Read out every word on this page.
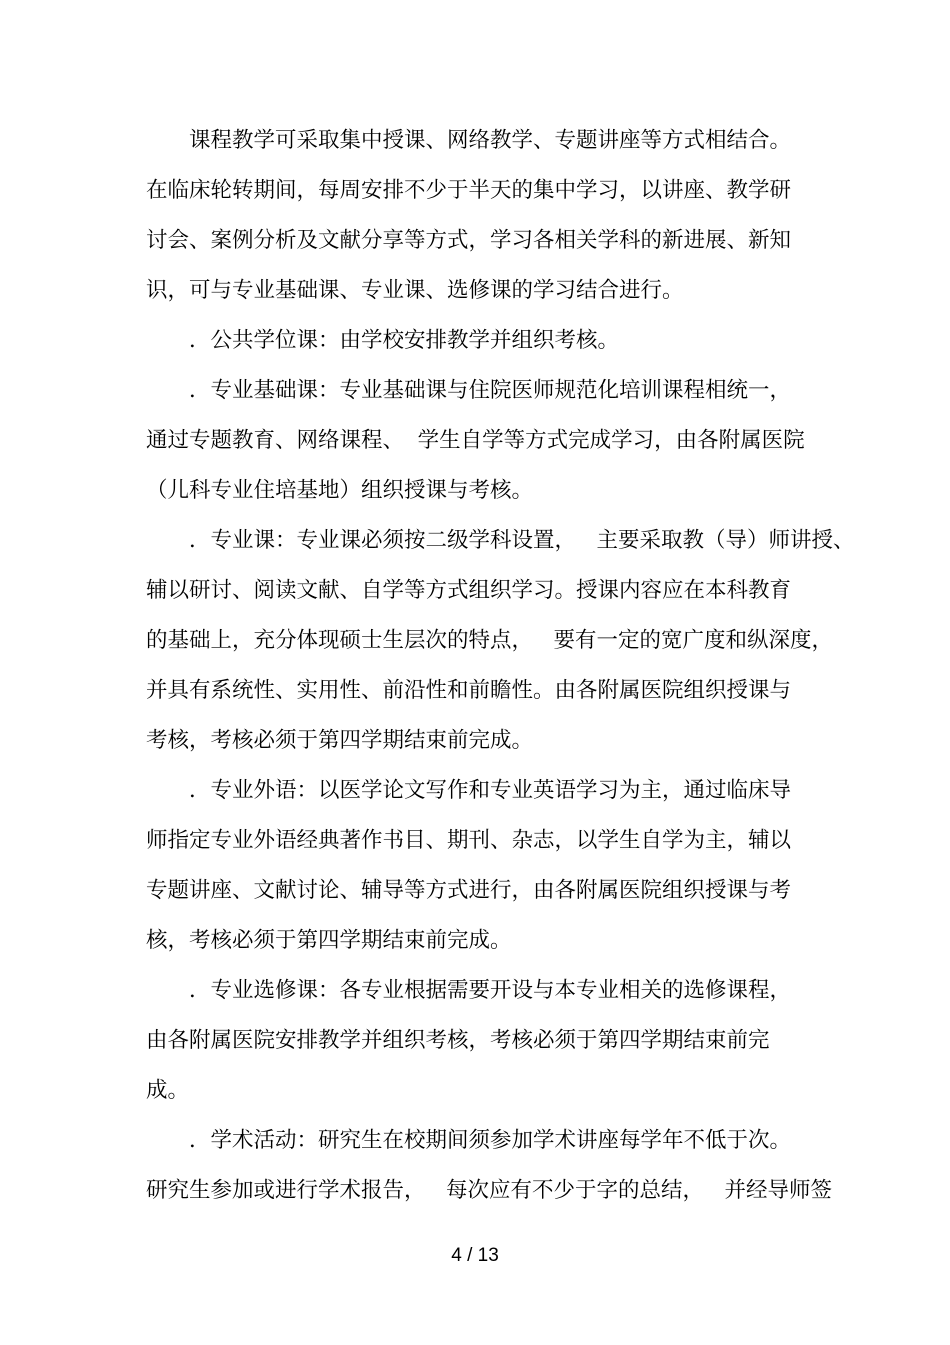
　　课程教学可采取集中授课、网络教学、专题讲座等方式相结合。
在临床轮转期间，每周安排不少于半天的集中学习，以讲座、教学研
讨会、案例分析及文献分享等方式，学习各相关学科的新进展、新知
识，可与专业基础课、专业课、选修课的学习结合进行。
　　．公共学位课：由学校安排教学并组织考核。
　　．专业基础课：专业基础课与住院医师规范化培训课程相统一，
通过专题教育、网络课程、  学生自学等方式完成学习，由各附属医院
（儿科专业住培基地）组织授课与考核。
　　．专业课：专业课必须按二级学科设置，   主要采取教（导）师讲授、
辅以研讨、阅读文献、自学等方式组织学习。授课内容应在本科教育
的基础上，充分体现硕士生层次的特点，   要有一定的宽广度和纵深度，
并具有系统性、实用性、前沿性和前瞻性。由各附属医院组织授课与
考核，考核必须于第四学期结束前完成。
　　．专业外语：以医学论文写作和专业英语学习为主，通过临床导
师指定专业外语经典著作书目、期刊、杂志，以学生自学为主，辅以
专题讲座、文献讨论、辅导等方式进行，由各附属医院组织授课与考
核，考核必须于第四学期结束前完成。
　　．专业选修课：各专业根据需要开设与本专业相关的选修课程，
由各附属医院安排教学并组织考核，考核必须于第四学期结束前完
成。
　　．学术活动：研究生在校期间须参加学术讲座每学年不低于次。
研究生参加或进行学术报告，   每次应有不少于字的总结，   并经导师签
4 / 13
